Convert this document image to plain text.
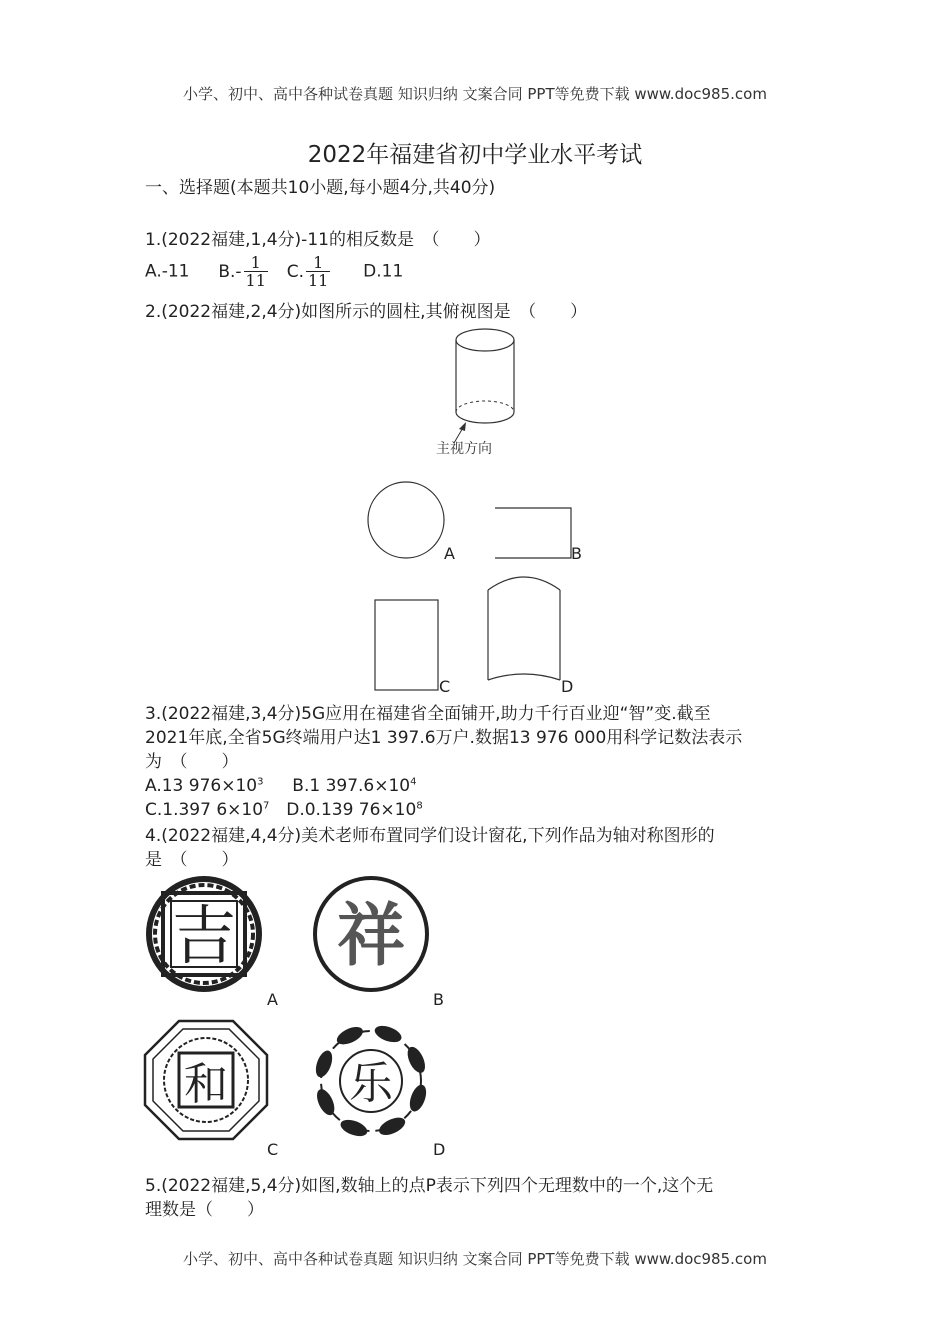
小学、初中、高中各种试卷真题 知识归纳 文案合同 PPT等免费下载 www.doc985.com
2022年福建省初中学业水平考试
一、选择题(本题共10小题,每小题4分,共40分)
1.(2022福建,1,4分)-11的相反数是　（　　）
A.-11 $B.- \frac{1}{11} C$. $\frac{1}{11} D.11$
2.(2022福建,2,4分)如图所示的圆柱,其俯视图是　（　　）
主视方向
A	B
C	D
3.(2022福建,3,4分)5G应用在福建省全面铺开,助力千行百业迎“智”变.截至
2021年底,全省5G终端用户达1 397.6万户.数据13 976 000用科学记数法表示
为　（　　）
A.13 $976\times 10^3$ B.1 $397.6\times 10^4$
C.1.397 $6\times 10^7$ D.0.139 $76\times 10^8$
4.(2022福建,4,4分)美术老师布置同学们设计窗花,下列作品为轴对称图形的
是　（　　）
吉
A
祥
B
和
C
乐
D
5.(2022福建,5,4分)如图,数轴上的点P表示下列四个无理数中的一个,这个无
理数是（　　）
小学、初中、高中各种试卷真题 知识归纳 文案合同 PPT等免费下载 www.doc985.com
